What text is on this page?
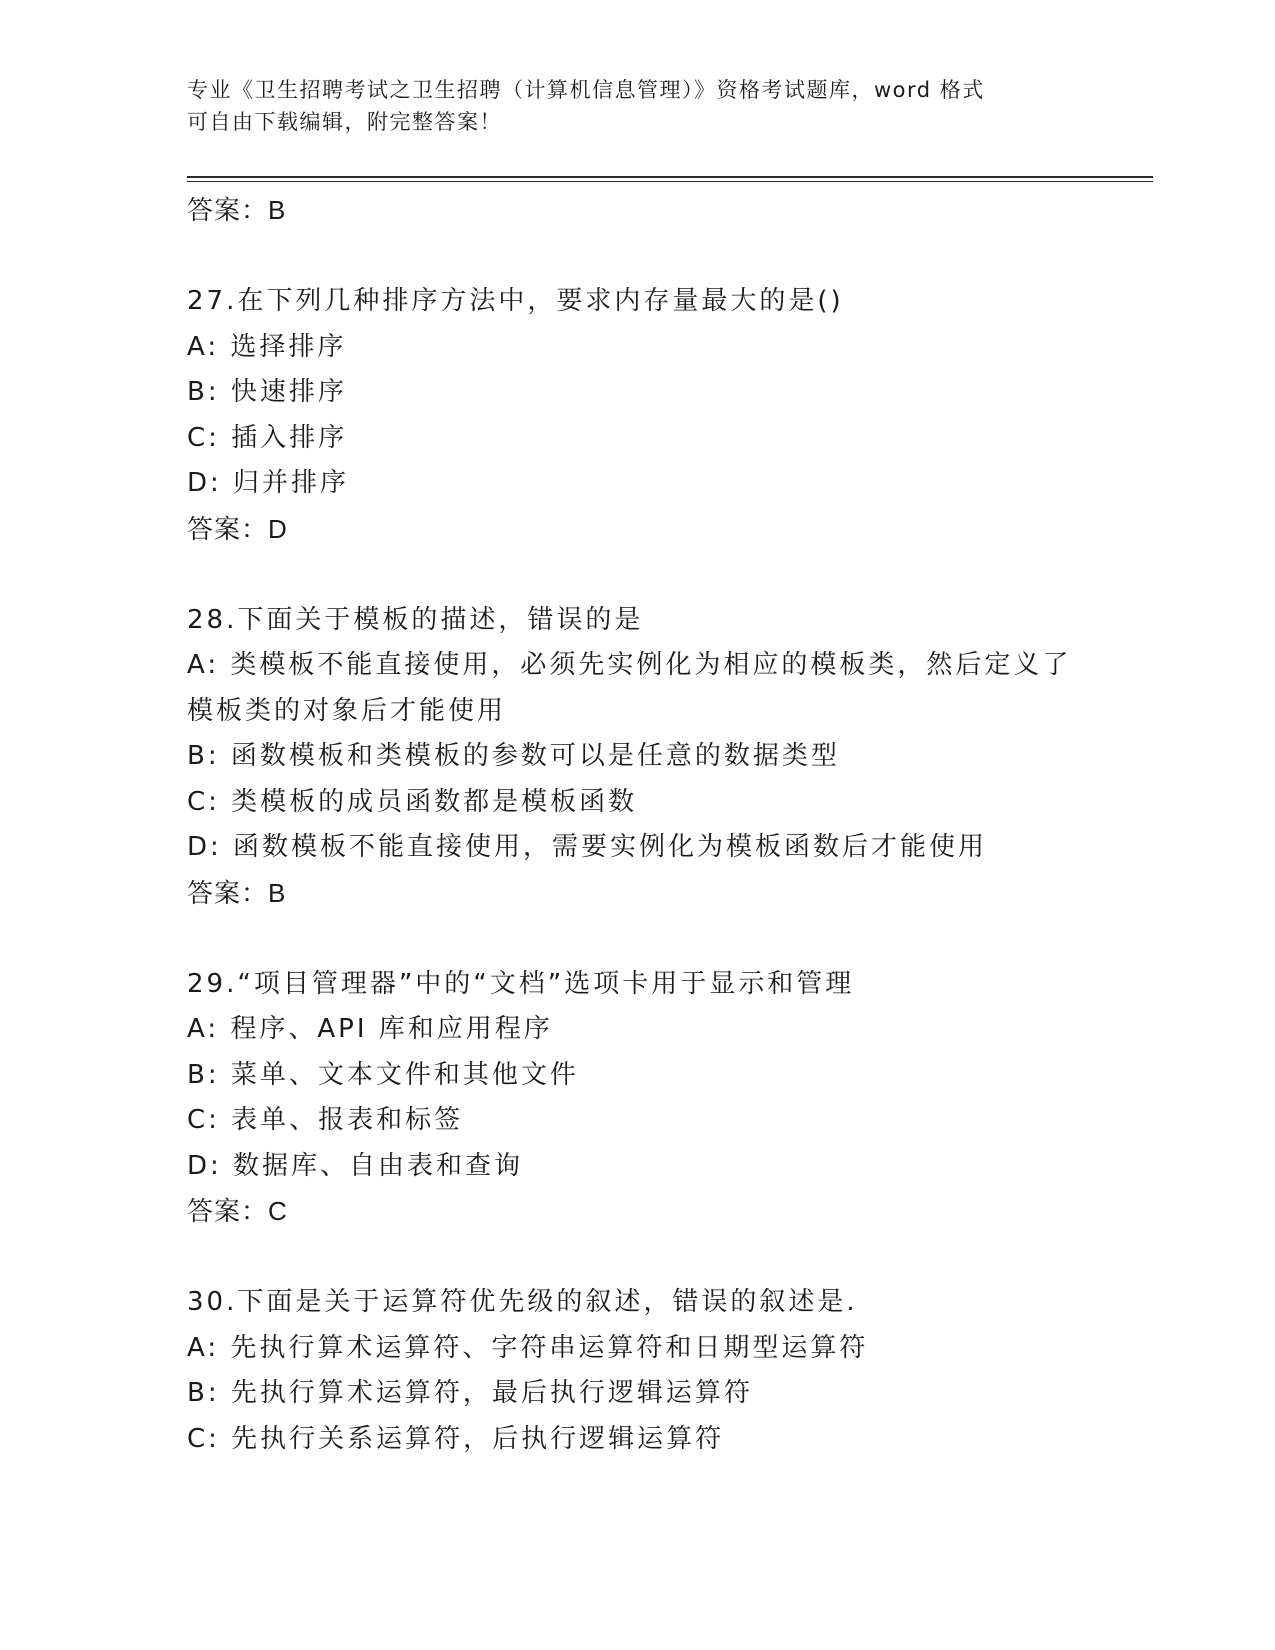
专业《卫生招聘考试之卫生招聘（计算机信息管理）》资格考试题库，word 格式
可自由下载编辑，附完整答案！
答案：B
27.在下列几种排序方法中，要求内存量最大的是()
A: 选择排序
B: 快速排序
C: 插入排序
D: 归并排序
答案：D
28.下面关于模板的描述，错误的是
A: 类模板不能直接使用，必须先实例化为相应的模板类，然后定义了
模板类的对象后才能使用
B: 函数模板和类模板的参数可以是任意的数据类型
C: 类模板的成员函数都是模板函数
D: 函数模板不能直接使用，需要实例化为模板函数后才能使用
答案：B
29.“项目管理器”中的“文档”选项卡用于显示和管理
A: 程序、API 库和应用程序
B: 菜单、文本文件和其他文件
C: 表单、报表和标签
D: 数据库、自由表和查询
答案：C
30.下面是关于运算符优先级的叙述，错误的叙述是.
A: 先执行算术运算符、字符串运算符和日期型运算符
B: 先执行算术运算符，最后执行逻辑运算符
C: 先执行关系运算符，后执行逻辑运算符
